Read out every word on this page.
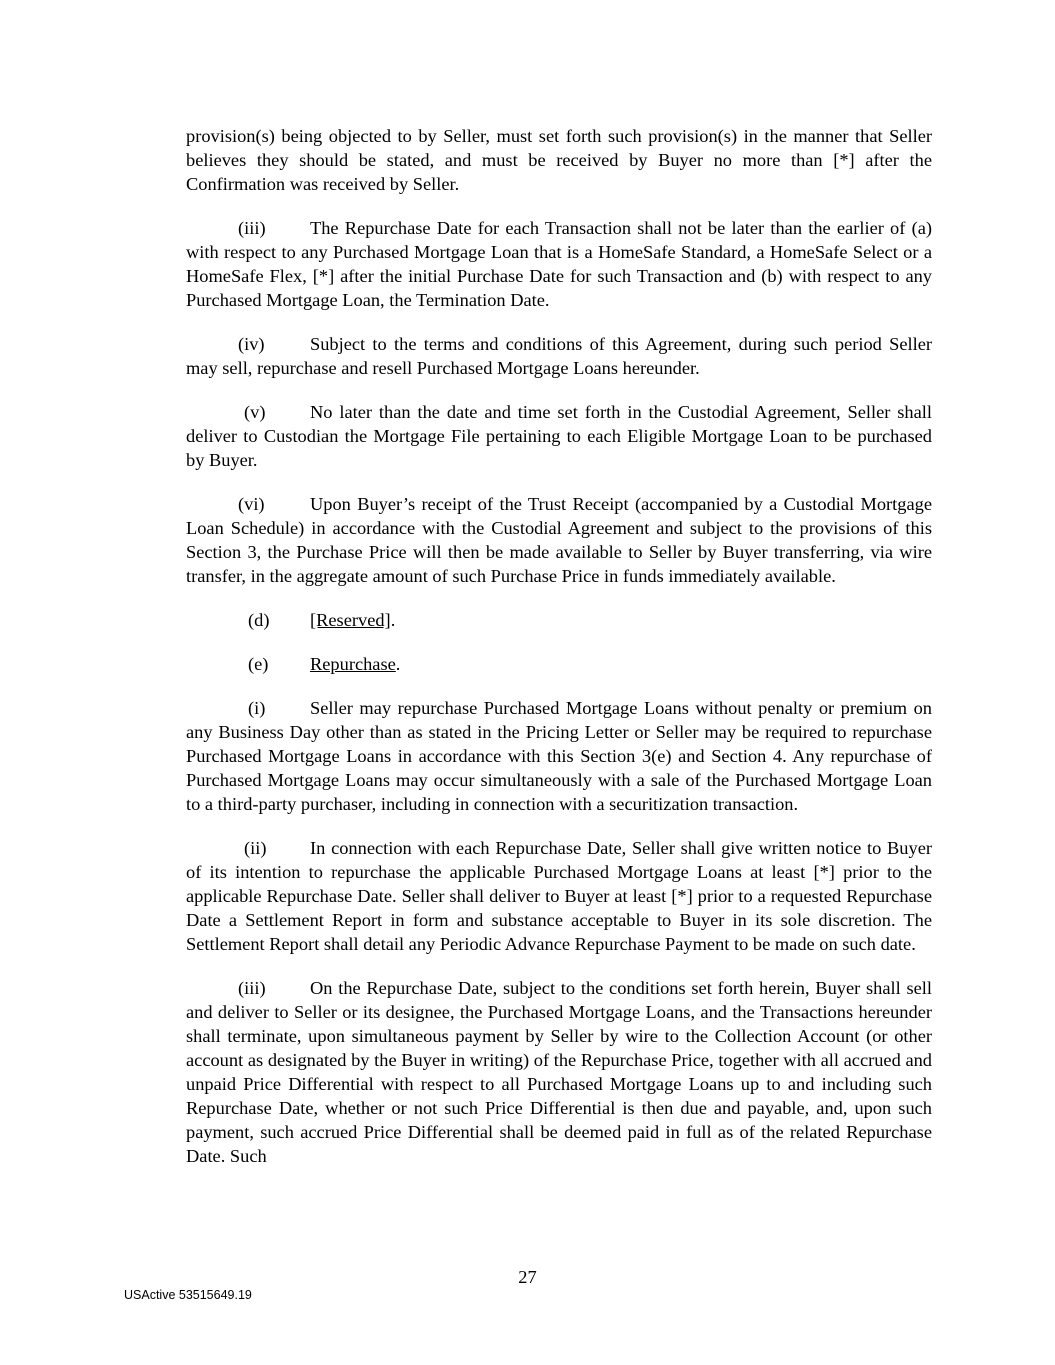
provision(s) being objected to by Seller, must set forth such provision(s) in the manner that Seller believes they should be stated, and must be received by Buyer no more than [*] after the Confirmation was received by Seller.

(iii) The Repurchase Date for each Transaction shall not be later than the earlier of (a) with respect to any Purchased Mortgage Loan that is a HomeSafe Standard, a HomeSafe Select or a HomeSafe Flex, [*] after the initial Purchase Date for such Transaction and (b) with respect to any Purchased Mortgage Loan, the Termination Date.

(iv) Subject to the terms and conditions of this Agreement, during such period Seller may sell, repurchase and resell Purchased Mortgage Loans hereunder.

(v) No later than the date and time set forth in the Custodial Agreement, Seller shall deliver to Custodian the Mortgage File pertaining to each Eligible Mortgage Loan to be purchased by Buyer.

(vi) Upon Buyer’s receipt of the Trust Receipt (accompanied by a Custodial Mortgage Loan Schedule) in accordance with the Custodial Agreement and subject to the provisions of this Section 3, the Purchase Price will then be made available to Seller by Buyer transferring, via wire transfer, in the aggregate amount of such Purchase Price in funds immediately available.

(d) [Reserved].

(e) Repurchase.

(i) Seller may repurchase Purchased Mortgage Loans without penalty or premium on any Business Day other than as stated in the Pricing Letter or Seller may be required to repurchase Purchased Mortgage Loans in accordance with this Section 3(e) and Section 4. Any repurchase of Purchased Mortgage Loans may occur simultaneously with a sale of the Purchased Mortgage Loan to a third-party purchaser, including in connection with a securitization transaction.

(ii) In connection with each Repurchase Date, Seller shall give written notice to Buyer of its intention to repurchase the applicable Purchased Mortgage Loans at least [*] prior to the applicable Repurchase Date. Seller shall deliver to Buyer at least [*] prior to a requested Repurchase Date a Settlement Report in form and substance acceptable to Buyer in its sole discretion. The Settlement Report shall detail any Periodic Advance Repurchase Payment to be made on such date.

(iii) On the Repurchase Date, subject to the conditions set forth herein, Buyer shall sell and deliver to Seller or its designee, the Purchased Mortgage Loans, and the Transactions hereunder shall terminate, upon simultaneous payment by Seller by wire to the Collection Account (or other account as designated by the Buyer in writing) of the Repurchase Price, together with all accrued and unpaid Price Differential with respect to all Purchased Mortgage Loans up to and including such Repurchase Date, whether or not such Price Differential is then due and payable, and, upon such payment, such accrued Price Differential shall be deemed paid in full as of the related Repurchase Date. Such

27
USActive 53515649.19
